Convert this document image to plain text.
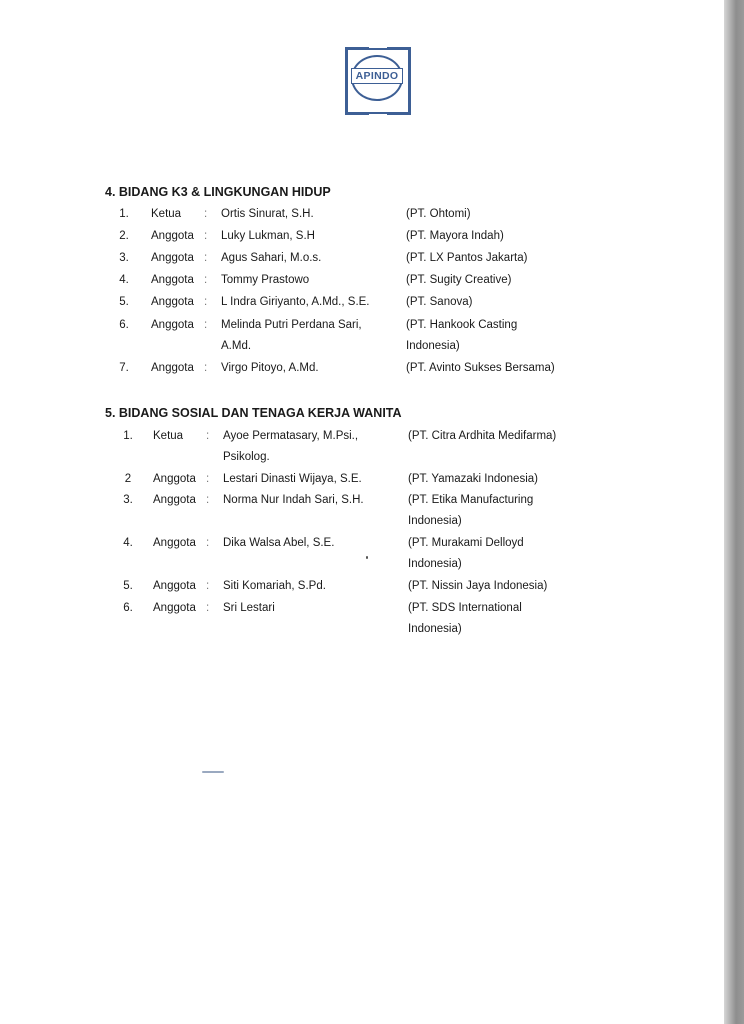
APINDO
4. BIDANG K3 & LINGKUNGAN HIDUP
1.	Ketua : Ortis Sinurat, S.H.	(PT. Ohtomi)
2.	Anggota : Luky Lukman, S.H	(PT. Mayora Indah)
3.	Anggota : Agus Sahari, M.o.s.	(PT. LX Pantos Jakarta)
4.	Anggota : Tommy Prastowo	(PT. Sugity Creative)
5.	Anggota : L Indra Giriyanto, A.Md., S.E.	(PT. Sanova)
6.	Anggota : Melinda Putri Perdana Sari,	(PT. Hankook Casting
A.Md.	Indonesia)
7.	Anggota : Virgo Pitoyo, A.Md.	(PT. Avinto Sukses Bersama)
5. BIDANG SOSIAL DAN TENAGA KERJA WANITA
1.	Ketua : Ayoe Permatasary, M.Psi.,	(PT. Citra Ardhita Medifarma)
Psikolog.
2	Anggota : Lestari Dinasti Wijaya, S.E.	(PT. Yamazaki Indonesia)
3.	Anggota : Norma Nur Indah Sari, S.H.	(PT. Etika Manufacturing
Indonesia)
4.	Anggota : Dika Walsa Abel, S.E.	(PT. Murakami Delloyd
Indonesia)
5.	Anggota : Siti Komariah, S.Pd.	(PT. Nissin Jaya Indonesia)
6.	Anggota : Sri Lestari	(PT. SDS International
Indonesia)
